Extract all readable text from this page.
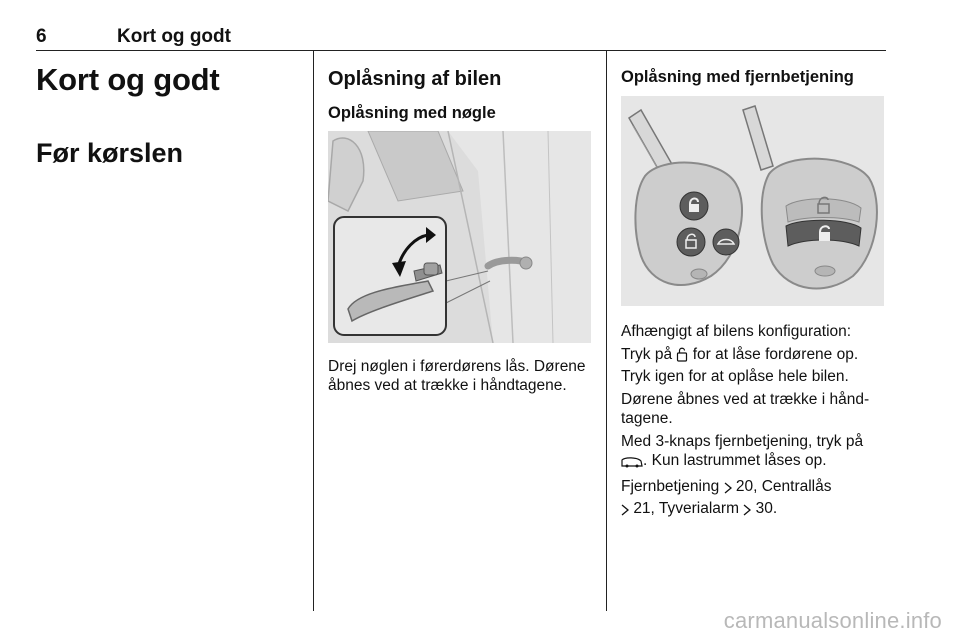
6	Kort og godt
Kort og godt
Før kørslen
Oplåsning af bilen
Oplåsning med nøgle

Drej nøglen i førerdørens lås. Dørene åbnes ved at trække i håndtagene.

Oplåsning med fjernbetjening

Afhængigt af bilens konfiguration:

Tryk på for at låse fordørene op. Tryk igen for at oplåse hele bilen.

Dørene åbnes ved at trække i hånd-tagene.

Med 3-knaps fjernbetjening, tryk på . Kun lastrummet låses op.

Fjernbetjening 20, Centrallås
21, Tyverialarm 30.

carmanualsonline.info
